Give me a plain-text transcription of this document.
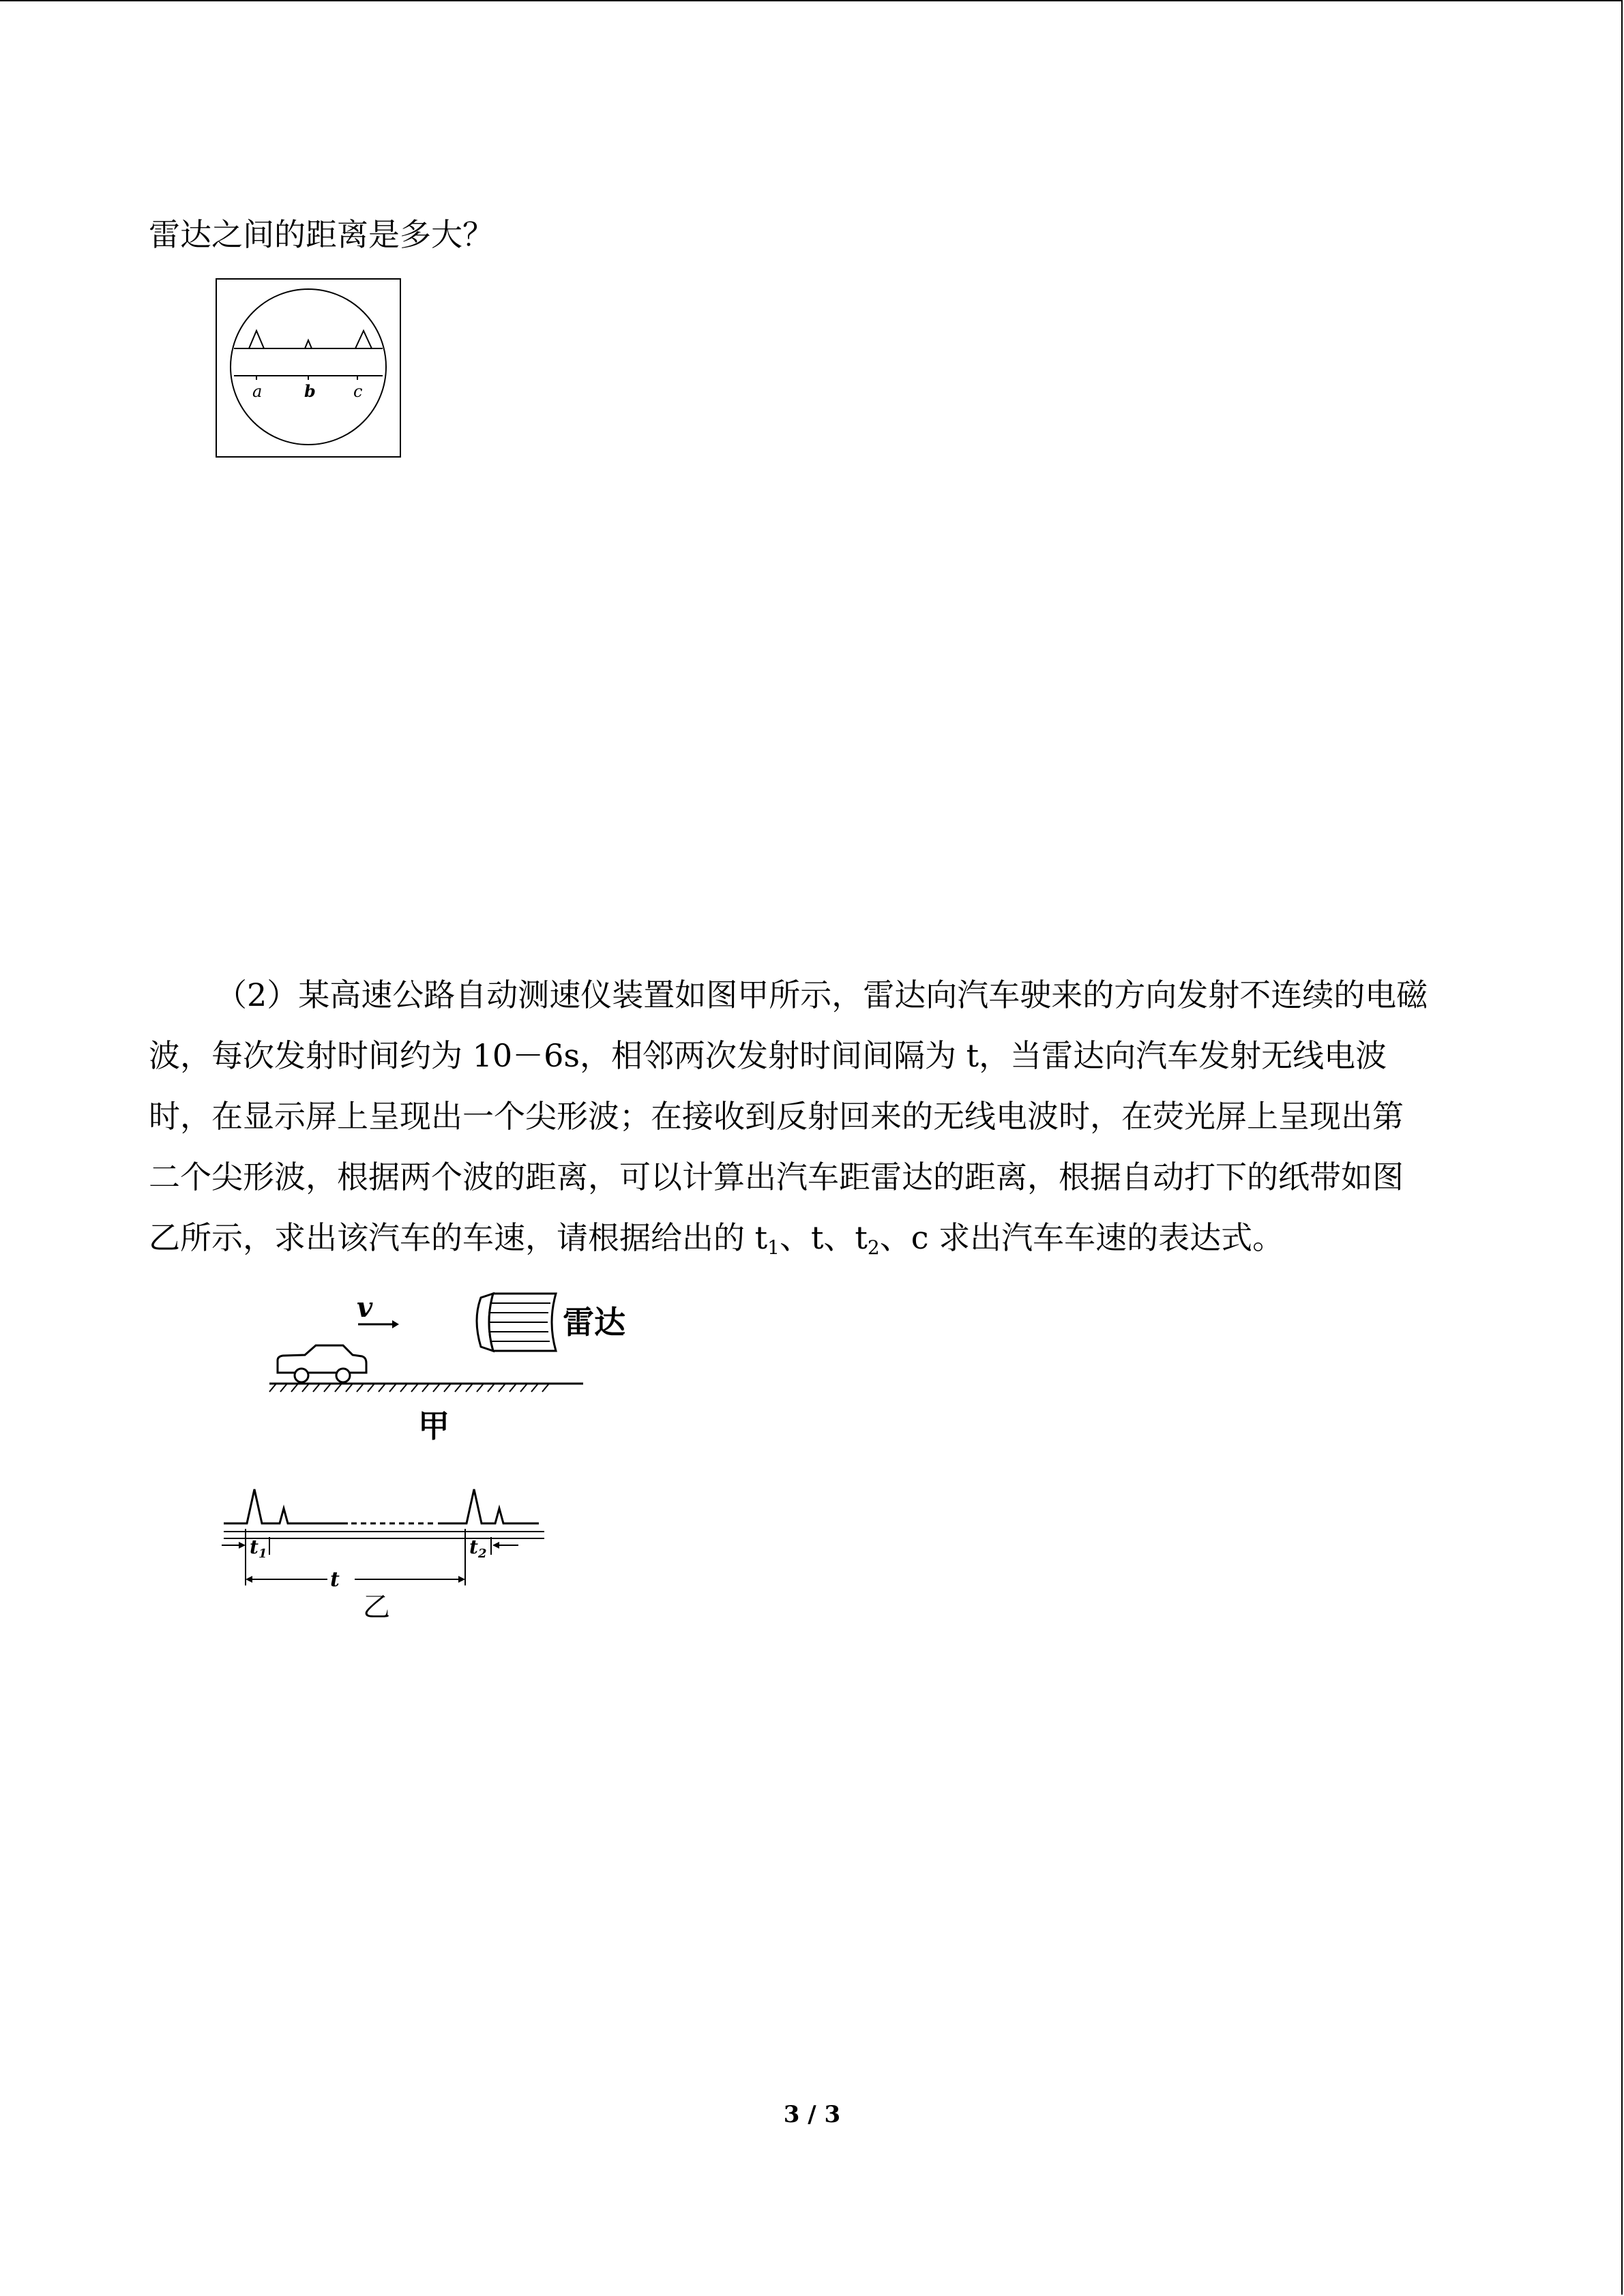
雷达之间的距离是多大？
a	b c
（2）某高速公路自动测速仪装置如图甲所示，雷达向汽车驶来的方向发射不连续的电磁
波，每次发射时间约为 10－6s，相邻两次发射时间间隔为 t，当雷达向汽车发射无线电波
时，在显示屏上呈现出一个尖形波；在接收到反射回来的无线电波时，在荧光屏上呈现出第
二个尖形波，根据两个波的距离，可以计算出汽车距雷达的距离，根据自动打下的纸带如图
乙所示，求出该汽车的车速，请根据给出的 $t_1$、t、$t_2$、c 求出汽车车速的表达式。
v	雷达
甲
$t_1$	$t_2$
t
乙
3 / 3
